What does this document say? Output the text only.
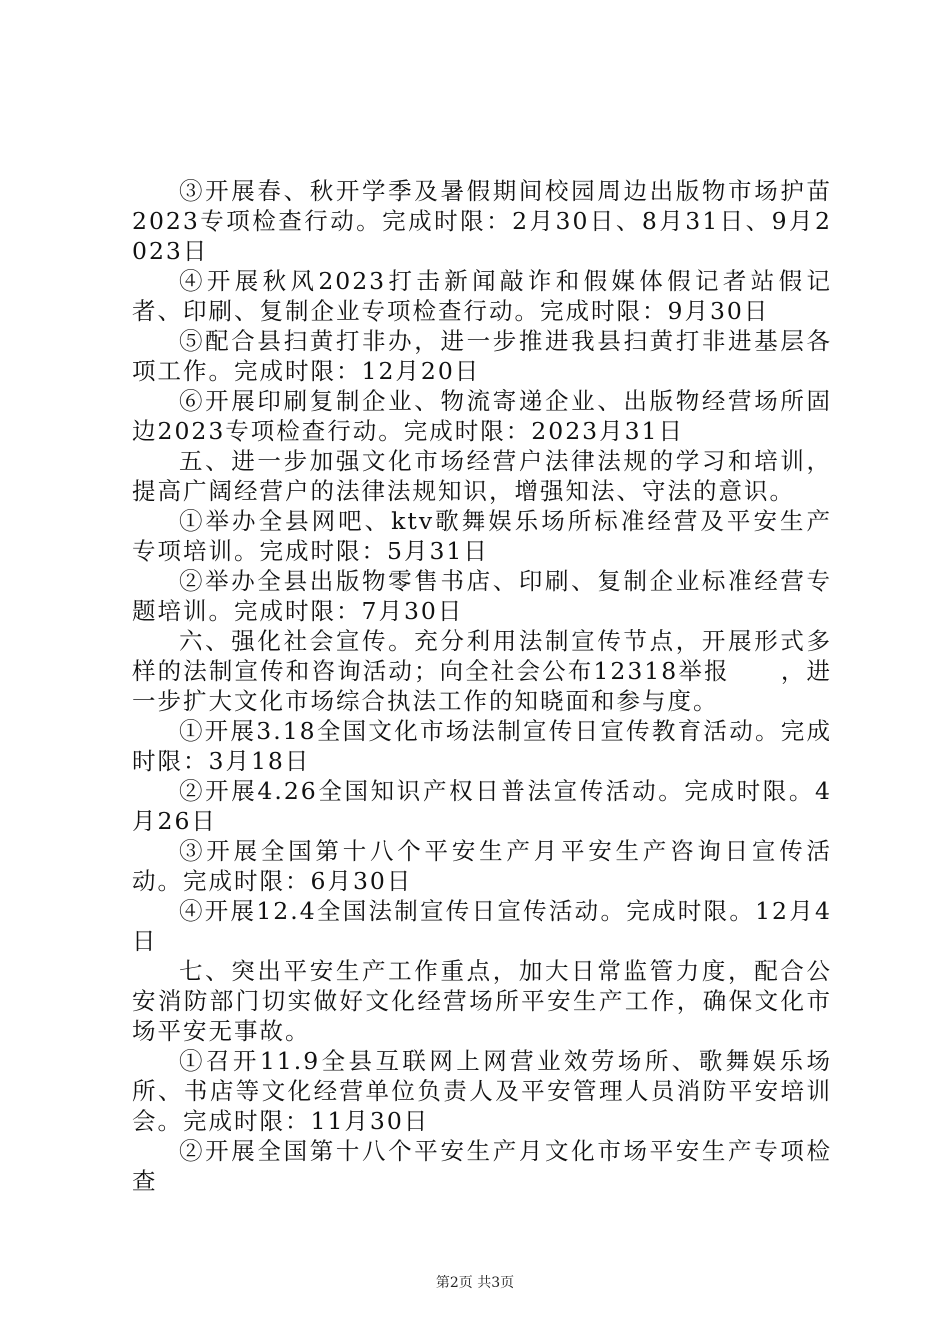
③开展春、秋开学季及暑假期间校园周边出版物市场护苗2023专项检查行动。完成时限：2月30日、8月31日、9月2023日

④开展秋风2023打击新闻敲诈和假媒体假记者站假记者、印刷、复制企业专项检查行动。完成时限：9月30日

⑤配合县扫黄打非办，进一步推进我县扫黄打非进基层各项工作。完成时限：12月20日

⑥开展印刷复制企业、物流寄递企业、出版物经营场所固边2023专项检查行动。完成时限：2023月31日

五、进一步加强文化市场经营户法律法规的学习和培训，提高广阔经营户的法律法规知识，增强知法、守法的意识。

①举办全县网吧、ktv歌舞娱乐场所标准经营及平安生产专项培训。完成时限：5月31日

②举办全县出版物零售书店、印刷、复制企业标准经营专题培训。完成时限：7月30日

六、强化社会宣传。充分利用法制宣传节点，开展形式多样的法制宣传和咨询活动；向全社会公布12318举报　　，进一步扩大文化市场综合执法工作的知晓面和参与度。

①开展3.18全国文化市场法制宣传日宣传教育活动。完成时限：3月18日

②开展4.26全国知识产权日普法宣传活动。完成时限。4月26日

③开展全国第十八个平安生产月平安生产咨询日宣传活动。完成时限：6月30日

④开展12.4全国法制宣传日宣传活动。完成时限。12月4日

七、突出平安生产工作重点，加大日常监管力度，配合公安消防部门切实做好文化经营场所平安生产工作，确保文化市场平安无事故。

①召开11.9全县互联网上网营业效劳场所、歌舞娱乐场所、书店等文化经营单位负责人及平安管理人员消防平安培训会。完成时限：11月30日

②开展全国第十八个平安生产月文化市场平安生产专项检查

第2页 共3页
